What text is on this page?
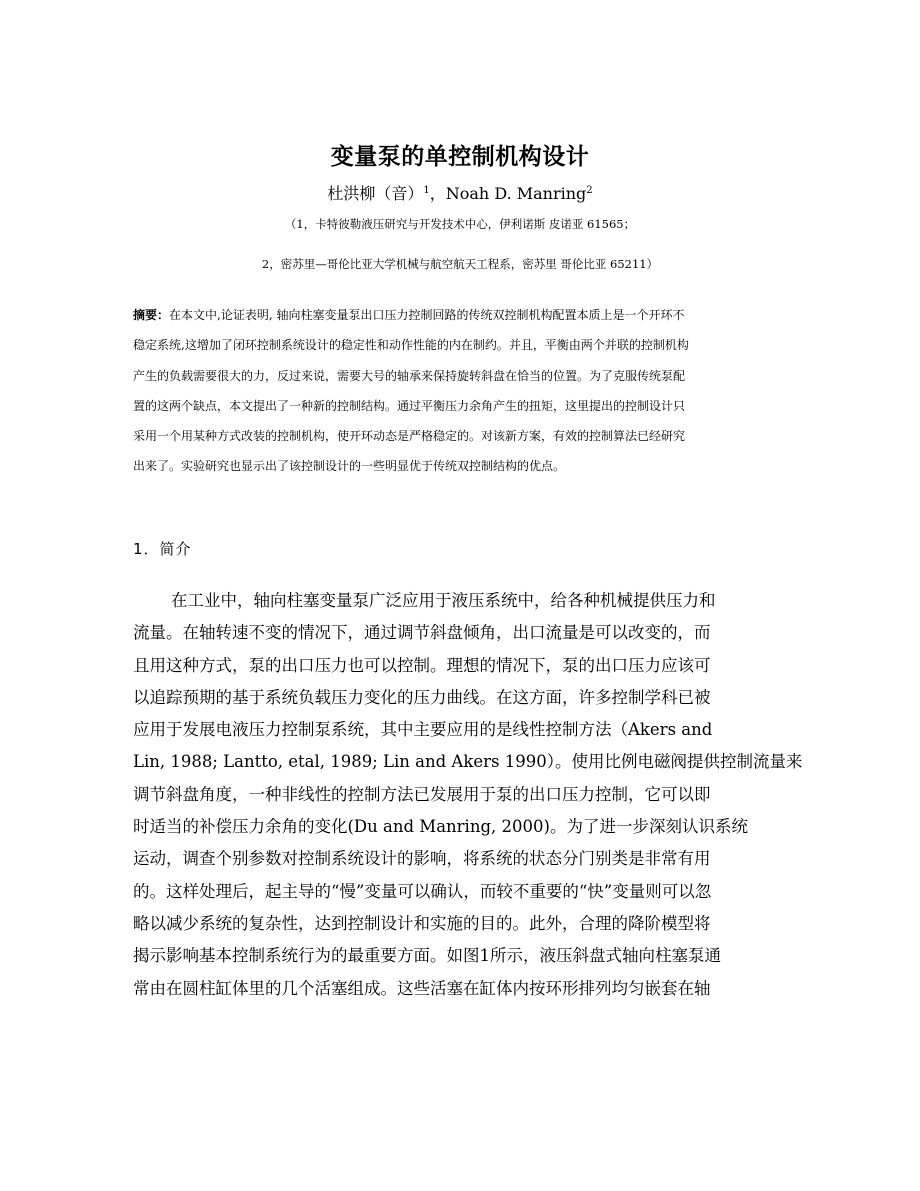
变量泵的单控制机构设计
杜洪柳（音）$^1$，Noah D. Manring$^2$
（1，卡特彼勒液压研究与开发技术中心，伊利诺斯 皮诺亚 61565；
2，密苏里—哥伦比亚大学机械与航空航天工程系，密苏里 哥伦比亚 65211）
摘要：在本文中,论证表明, 轴向柱塞变量泵出口压力控制回路的传统双控制机构配置本质上是一个开环不
稳定系统,这增加了闭环控制系统设计的稳定性和动作性能的内在制约。并且，平衡由两个并联的控制机构
产生的负载需要很大的力，反过来说，需要大号的轴承来保持旋转斜盘在恰当的位置。为了克服传统泵配
置的这两个缺点，本文提出了一种新的控制结构。通过平衡压力余角产生的扭矩，这里提出的控制设计只
采用一个用某种方式改装的控制机构，使开环动态是严格稳定的。对该新方案，有效的控制算法已经研究
出来了。实验研究也显示出了该控制设计的一些明显优于传统双控制结构的优点。
1．简介
在工业中，轴向柱塞变量泵广泛应用于液压系统中，给各种机械提供压力和
流量。在轴转速不变的情况下，通过调节斜盘倾角，出口流量是可以改变的，而
且用这种方式，泵的出口压力也可以控制。理想的情况下，泵的出口压力应该可
以追踪预期的基于系统负载压力变化的压力曲线。在这方面，许多控制学科已被
应用于发展电液压力控制泵系统，其中主要应用的是线性控制方法（Akers and
Lin, 1988; Lantto, etal, 1989; Lin and Akers 1990）。使用比例电磁阀提供控制流量来
调节斜盘角度，一种非线性的控制方法已发展用于泵的出口压力控制，它可以即
时适当的补偿压力余角的变化(Du and Manring, 2000)。为了进一步深刻认识系统
运动，调查个别参数对控制系统设计的影响，将系统的状态分门别类是非常有用
的。这样处理后，起主导的“慢”变量可以确认，而较不重要的“快”变量则可以忽
略以减少系统的复杂性，达到控制设计和实施的目的。此外，合理的降阶模型将
揭示影响基本控制系统行为的最重要方面。如图1所示，液压斜盘式轴向柱塞泵通
常由在圆柱缸体里的几个活塞组成。这些活塞在缸体内按环形排列均匀嵌套在轴
